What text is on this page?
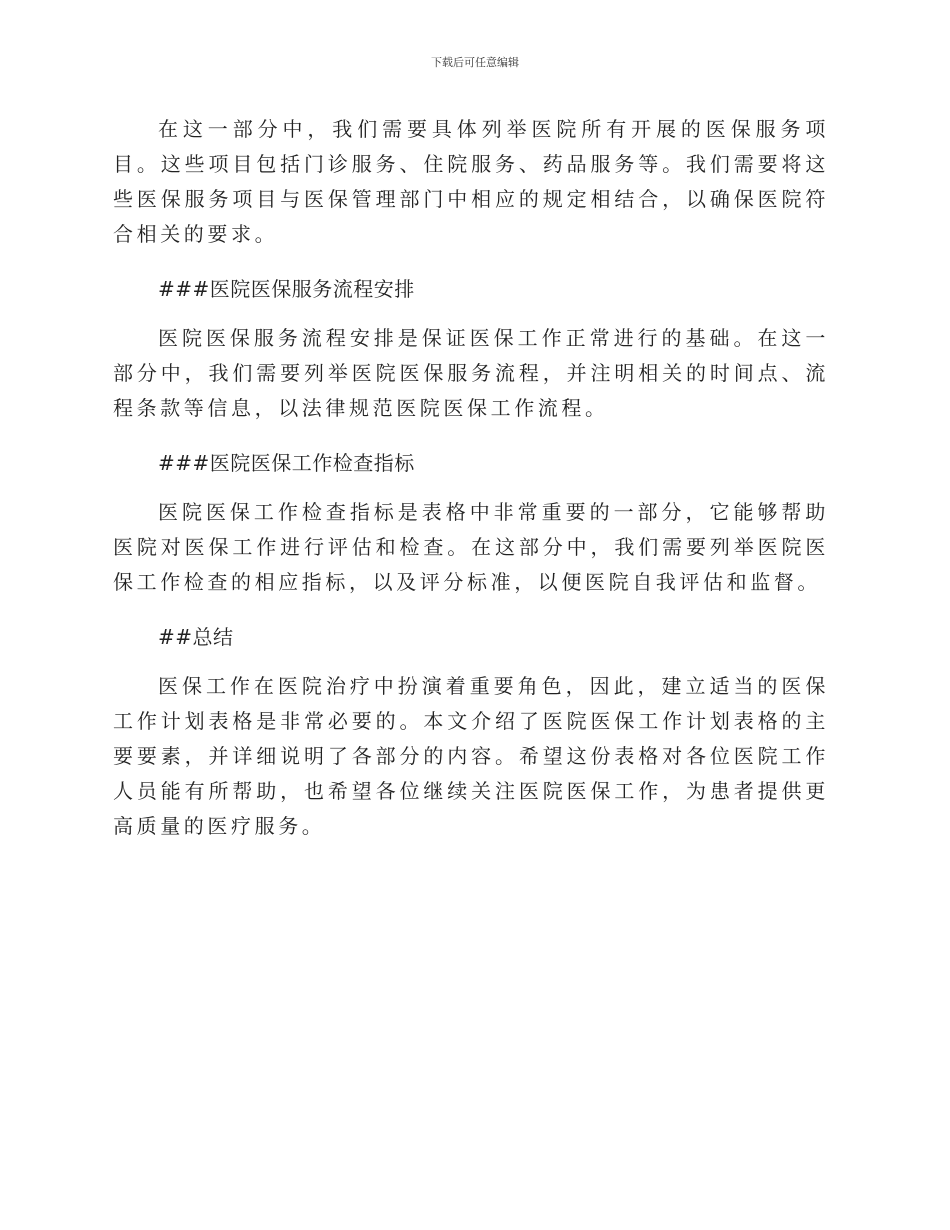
下载后可任意编辑

在这一部分中，我们需要具体列举医院所有开展的医保服务项目。这些项目包括门诊服务、住院服务、药品服务等。我们需要将这些医保服务项目与医保管理部门中相应的规定相结合，以确保医院符合相关的要求。

###医院医保服务流程安排

医院医保服务流程安排是保证医保工作正常进行的基础。在这一部分中，我们需要列举医院医保服务流程，并注明相关的时间点、流程条款等信息，以法律规范医院医保工作流程。

###医院医保工作检查指标

医院医保工作检查指标是表格中非常重要的一部分，它能够帮助医院对医保工作进行评估和检查。在这部分中，我们需要列举医院医保工作检查的相应指标，以及评分标准，以便医院自我评估和监督。

##总结

医保工作在医院治疗中扮演着重要角色，因此，建立适当的医保工作计划表格是非常必要的。本文介绍了医院医保工作计划表格的主要要素，并详细说明了各部分的内容。希望这份表格对各位医院工作人员能有所帮助，也希望各位继续关注医院医保工作，为患者提供更高质量的医疗服务。
